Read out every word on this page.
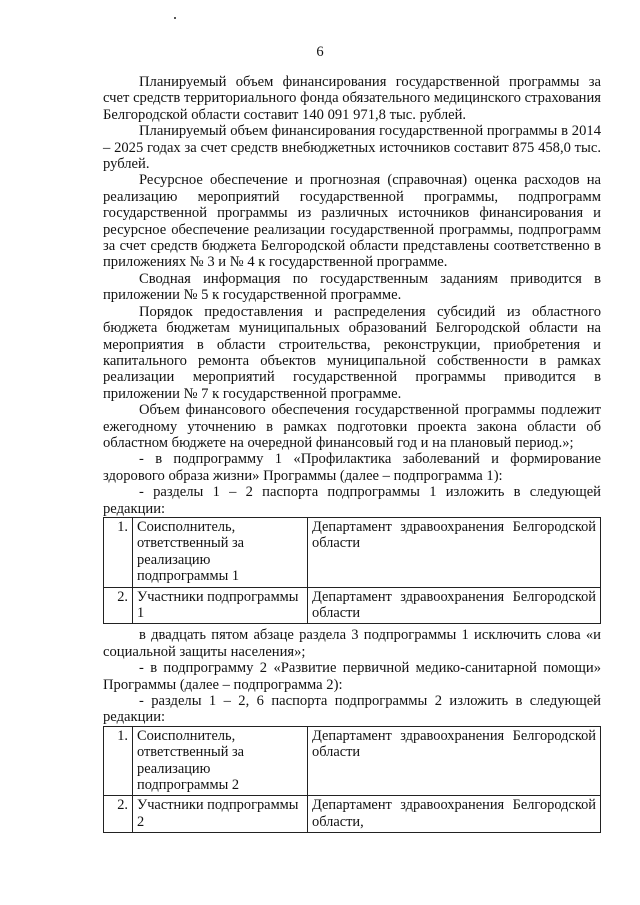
6

Планируемый объем финансирования государственной программы за счет средств территориального фонда обязательного медицинского страхования Белгородской области составит 140 091 971,8 тыс. рублей.

Планируемый объем финансирования государственной программы в 2014 – 2025 годах за счет средств внебюджетных источников составит 875 458,0 тыс. рублей.

Ресурсное обеспечение и прогнозная (справочная) оценка расходов на реализацию мероприятий государственной программы, подпрограмм государственной программы из различных источников финансирования и ресурсное обеспечение реализации государственной программы, подпрограмм за счет средств бюджета Белгородской области представлены соответственно в приложениях № 3 и № 4 к государственной программе.

Сводная информация по государственным заданиям приводится в приложении № 5 к государственной программе.

Порядок предоставления и распределения субсидий из областного бюджета бюджетам муниципальных образований Белгородской области на мероприятия в области строительства, реконструкции, приобретения и капитального ремонта объектов муниципальной собственности в рамках реализации мероприятий государственной программы приводится в приложении № 7 к государственной программе.

Объем финансового обеспечения государственной программы подлежит ежегодному уточнению в рамках подготовки проекта закона области об областном бюджете на очередной финансовый год и на плановый период.»;

- в подпрограмму 1 «Профилактика заболеваний и формирование здорового образа жизни» Программы (далее – подпрограмма 1):

- разделы 1 – 2 паспорта подпрограммы 1 изложить в следующей редакции:

1.	Соисполнитель, ответственный за реализацию подпрограммы 1	Департамент здравоохранения Белгородской области
2.	Участники подпрограммы 1	Департамент здравоохранения Белгородской области

в двадцать пятом абзаце раздела 3 подпрограммы 1 исключить слова «и социальной защиты населения»;

- в подпрограмму 2 «Развитие первичной медико-санитарной помощи» Программы (далее – подпрограмма 2):

- разделы 1 – 2, 6 паспорта подпрограммы 2 изложить в следующей редакции:

1.	Соисполнитель, ответственный за реализацию подпрограммы 2	Департамент здравоохранения Белгородской области
2.	Участники подпрограммы 2	Департамент здравоохранения Белгородской области,
